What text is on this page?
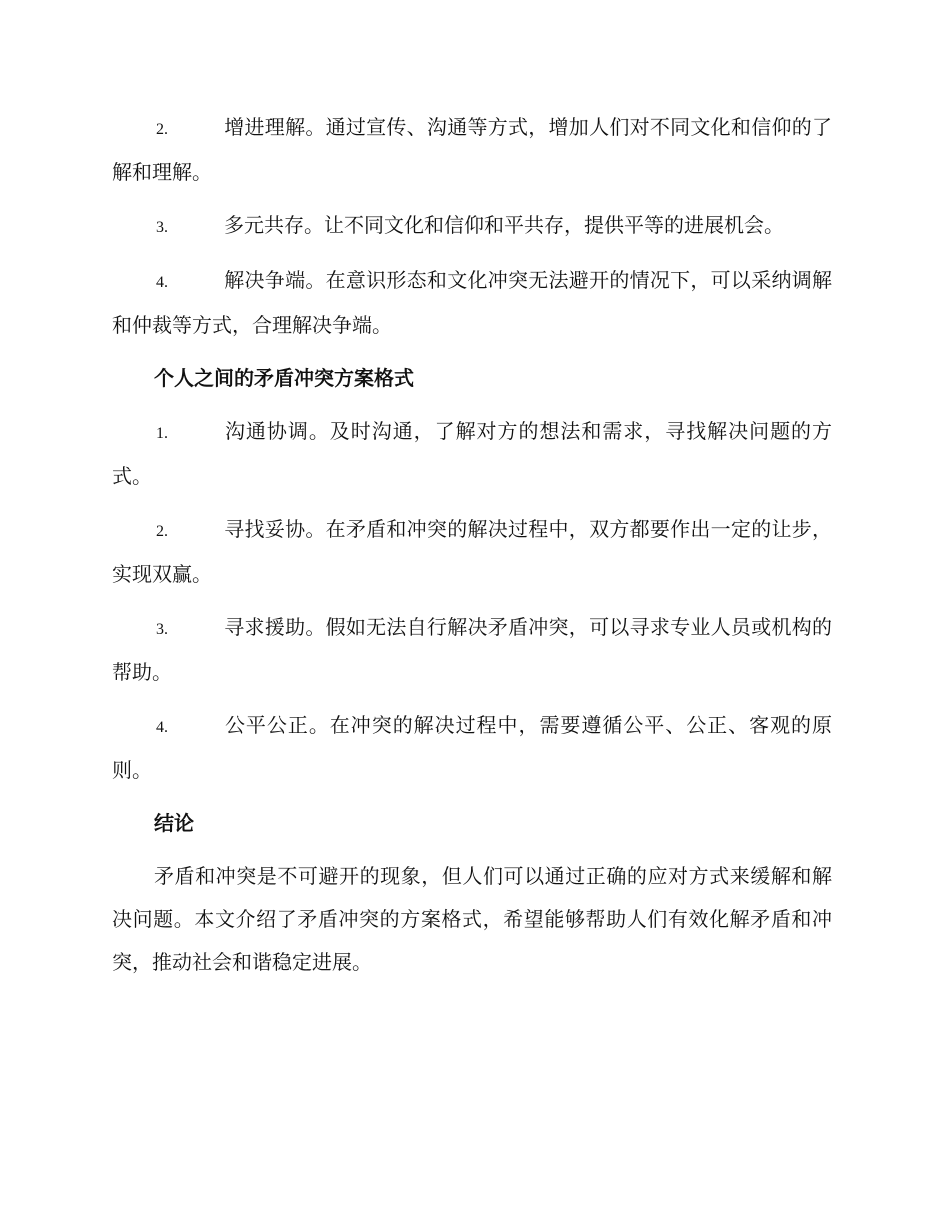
2.	增进理解。通过宣传、沟通等方式，增加人们对不同文化和信仰的了解和理解。
3.	多元共存。让不同文化和信仰和平共存，提供平等的进展机会。
4.	解决争端。在意识形态和文化冲突无法避开的情况下，可以采纳调解和仲裁等方式，合理解决争端。
个人之间的矛盾冲突方案格式
1.	沟通协调。及时沟通，了解对方的想法和需求，寻找解决问题的方式。
2.	寻找妥协。在矛盾和冲突的解决过程中，双方都要作出一定的让步，实现双赢。
3.	寻求援助。假如无法自行解决矛盾冲突，可以寻求专业人员或机构的帮助。
4.	公平公正。在冲突的解决过程中，需要遵循公平、公正、客观的原则。
结论

矛盾和冲突是不可避开的现象，但人们可以通过正确的应对方式来缓解和解决问题。本文介绍了矛盾冲突的方案格式，希望能够帮助人们有效化解矛盾和冲突，推动社会和谐稳定进展。
